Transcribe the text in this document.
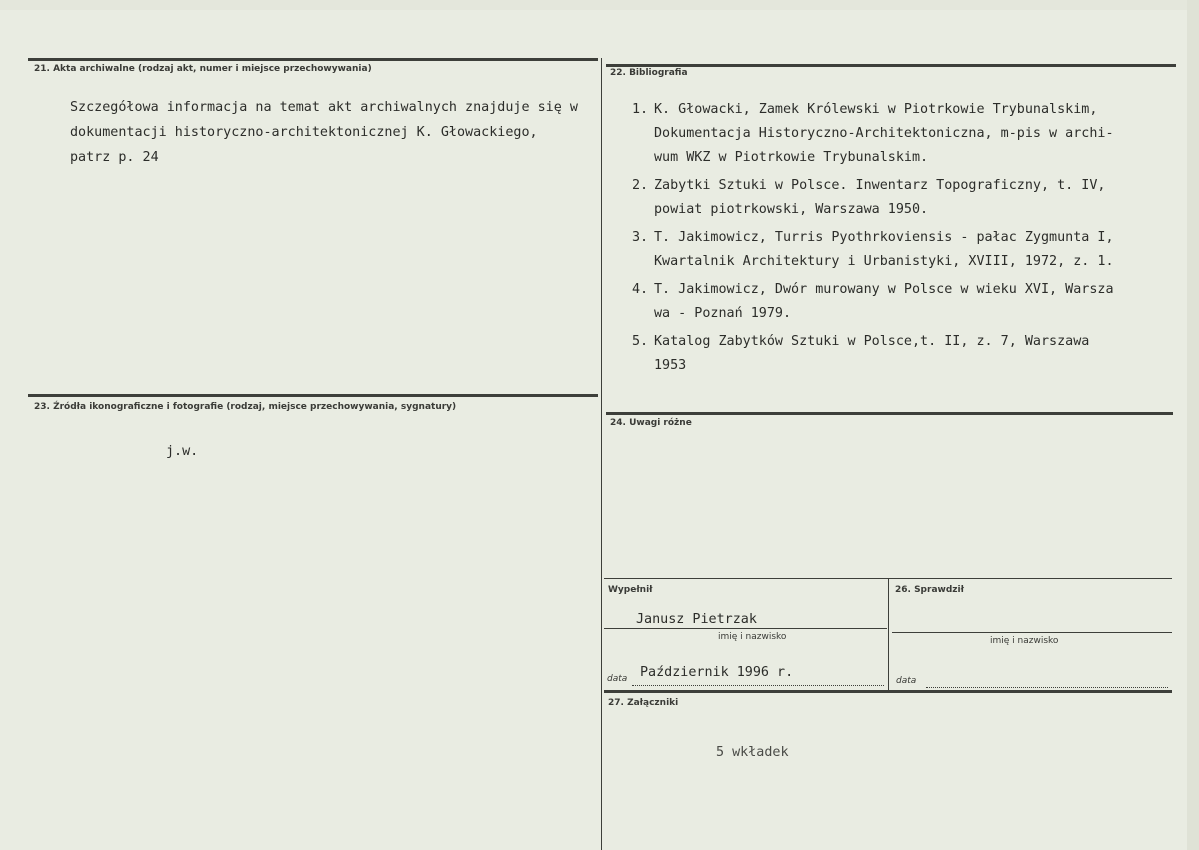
21. Akta archiwalne (rodzaj akt, numer i miejsce przechowywania)
Szczegółowa informacja na temat akt archiwalnych znajduje się w
dokumentacji historyczno-architektonicznej K. Głowackiego,
patrz p. 24
22. Bibliografia
1. K. Głowacki, Zamek Królewski w Piotrkowie Trybunalskim,
Dokumentacja Historyczno-Architektoniczna, m-pis w archi-
wum WKZ w Piotrkowie Trybunalskim.
2. Zabytki Sztuki w Polsce. Inwentarz Topograficzny, t. IV,
powiat piotrkowski, Warszawa 1950.
3. T. Jakimowicz, Turris Pyothrkoviensis - pałac Zygmunta I,
Kwartalnik Architektury i Urbanistyki, XVIII, 1972, z. 1.
4. T. Jakimowicz, Dwór murowany w Polsce w wieku XVI, Warsza
wa - Poznań 1979.
5. Katalog Zabytków Sztuki w Polsce,t. II, z. 7, Warszawa
1953
23. Źródła ikonograficzne i fotografie (rodzaj, miejsce przechowywania, sygnatury)
j.w.
24. Uwagi różne
Wypełnił
Janusz Pietrzak
imię i nazwisko
data Październik 1996 r.
26. Sprawdził
imię i nazwisko
data
27. Załączniki
5 wkładek
